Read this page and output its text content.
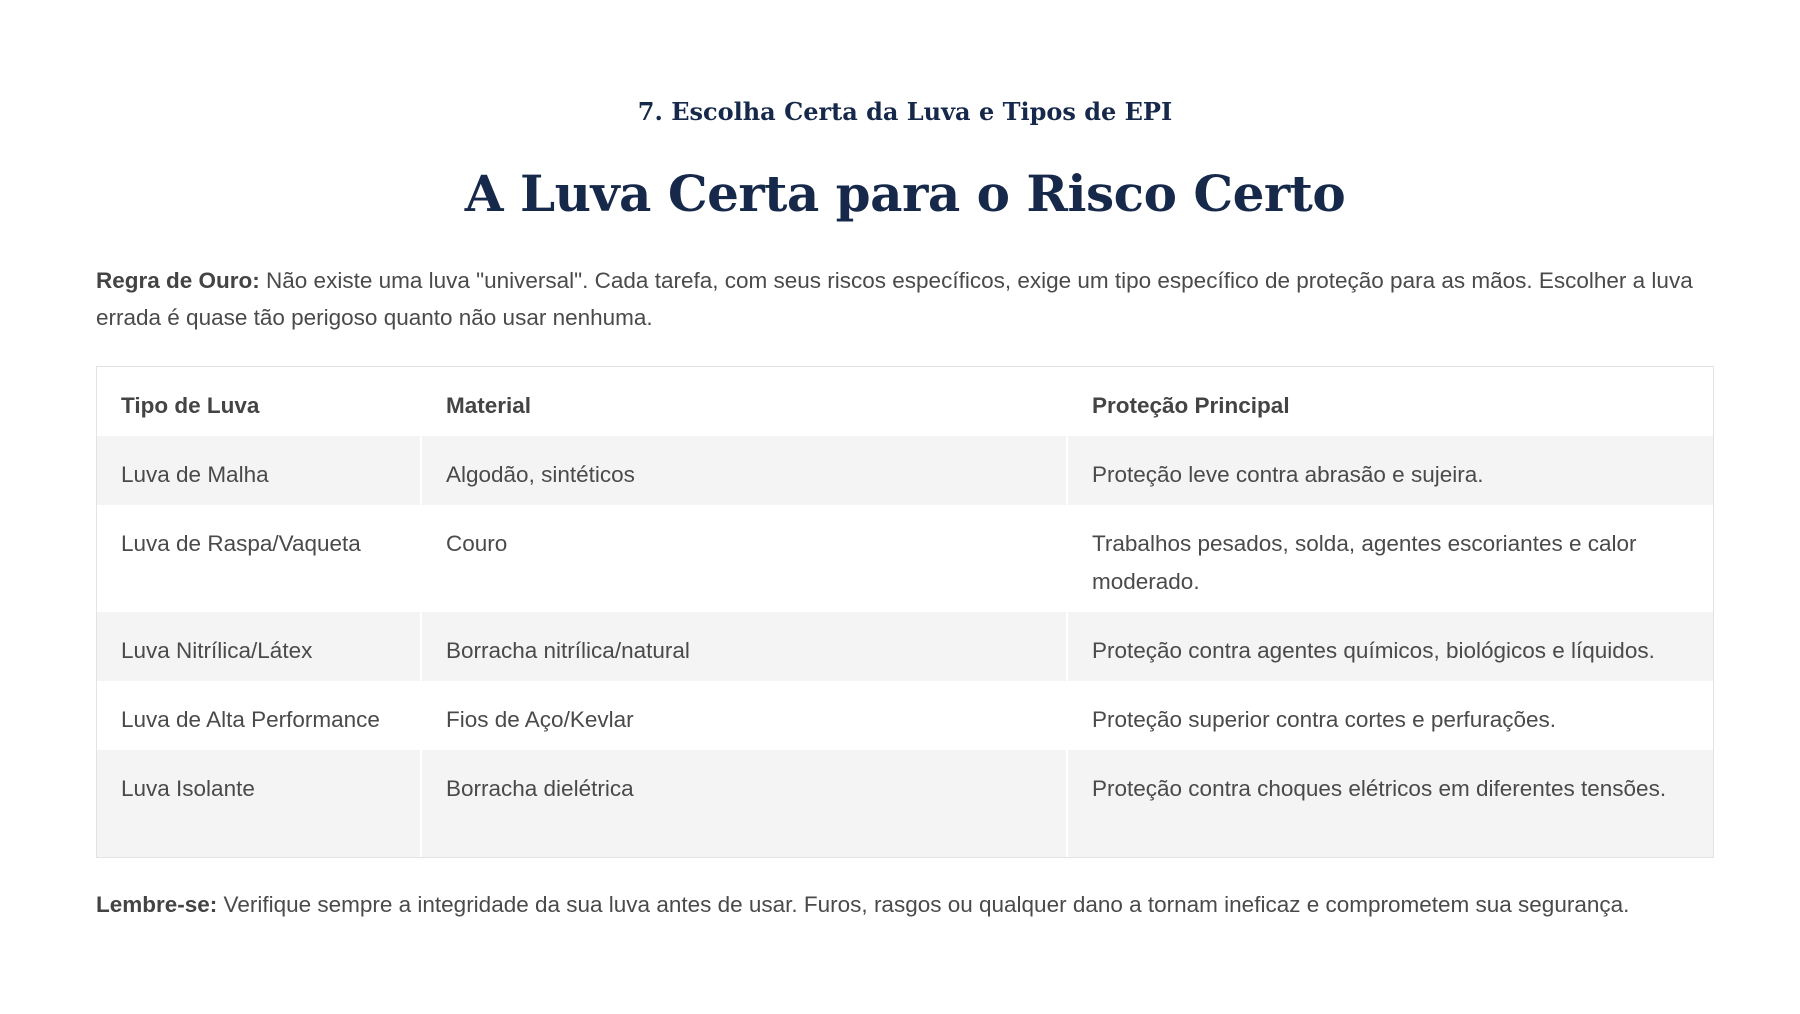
7. Escolha Certa da Luva e Tipos de EPI
A Luva Certa para o Risco Certo

Regra de Ouro: Não existe uma luva "universal". Cada tarefa, com seus riscos específicos, exige um tipo específico de proteção para as mãos. Escolher a luva errada é quase tão perigoso quanto não usar nenhuma.

Tipo de Luva	Material	Proteção Principal
Luva de Malha	Algodão, sintéticos	Proteção leve contra abrasão e sujeira.
Luva de Raspa/Vaqueta	Couro	Trabalhos pesados, solda, agentes escoriantes e calor moderado.
Luva Nitrílica/Látex	Borracha nitrílica/natural	Proteção contra agentes químicos, biológicos e líquidos.
Luva de Alta Performance	Fios de Aço/Kevlar	Proteção superior contra cortes e perfurações.
Luva Isolante	Borracha dielétrica	Proteção contra choques elétricos em diferentes tensões.

Lembre-se: Verifique sempre a integridade da sua luva antes de usar. Furos, rasgos ou qualquer dano a tornam ineficaz e comprometem sua segurança.
